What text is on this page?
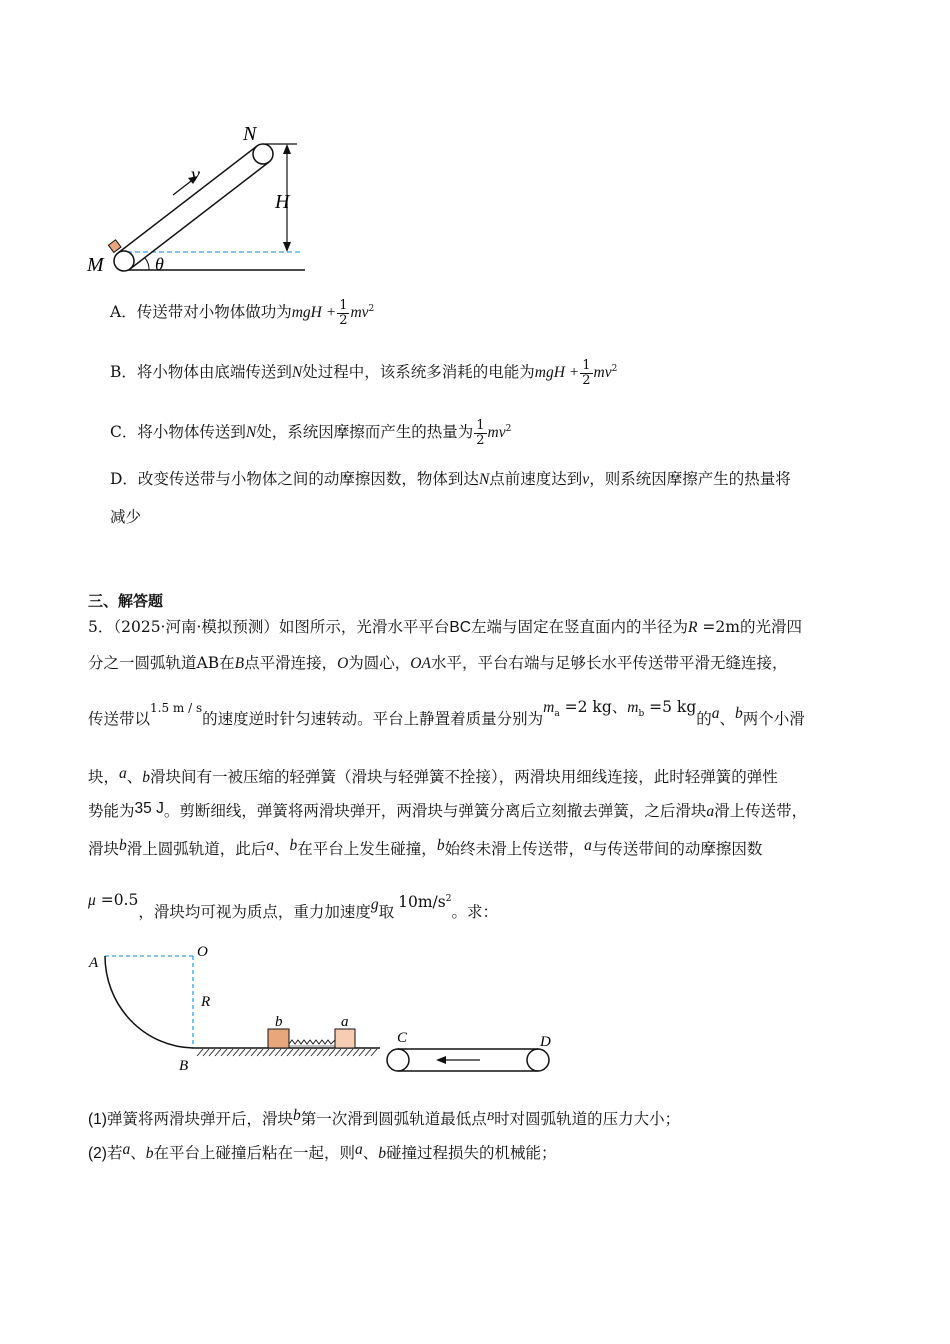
N
M
v
H
θ
A．传送带对小物体做功为mgH + $\frac{1}{2} mv^2$
B．将小物体由底端传送到N处过程中，该系统多消耗的电能为mgH + $\frac{1}{2} mv^2$
C．将小物体传送到N处，系统因摩擦而产生的热量为 $\frac{1}{2} mv^2$
D．改变传送带与小物体之间的动摩擦因数，物体到达N点前速度达到v，则系统因摩擦产生的热量将
减少
三、解答题
5．（2025·河南·模拟预测）如图所示，光滑水平平台BC左端与固定在竖直面内的半径为R =2m的光滑四
分之一圆弧轨道AB在B点平滑连接，O为圆心，OA水平，平台右端与足够长水平传送带平滑无缝连接，
传送带以$^{1.5 m / s}$的速度逆时针匀速转动。平台上静置着质量分别为$m_a =2$ kg、$m_b =5$ kg的a、b两个小滑
块，a、b滑块间有一被压缩的轻弹簧（滑块与轻弹簧不拴接），两滑块用细线连接，此时轻弹簧的弹性
势能为35 J。剪断细线，弹簧将两滑块弹开，两滑块与弹簧分离后立刻撤去弹簧，之后滑块a滑上传送带，
滑块b滑上圆弧轨道，此后a、b在平台上发生碰撞，b始终未滑上传送带，a与传送带间的动摩擦因数
μ =0.5，滑块均可视为质点，重力加速度g取$10m/s^2$。求：
A
O
R
B
b	a
C	D
(1)弹簧将两滑块弹开后，滑块b第一次滑到圆弧轨道最低点$^B$时对圆弧轨道的压力大小；
(2)若a、b在平台上碰撞后粘在一起，则a、b碰撞过程损失的机械能；
